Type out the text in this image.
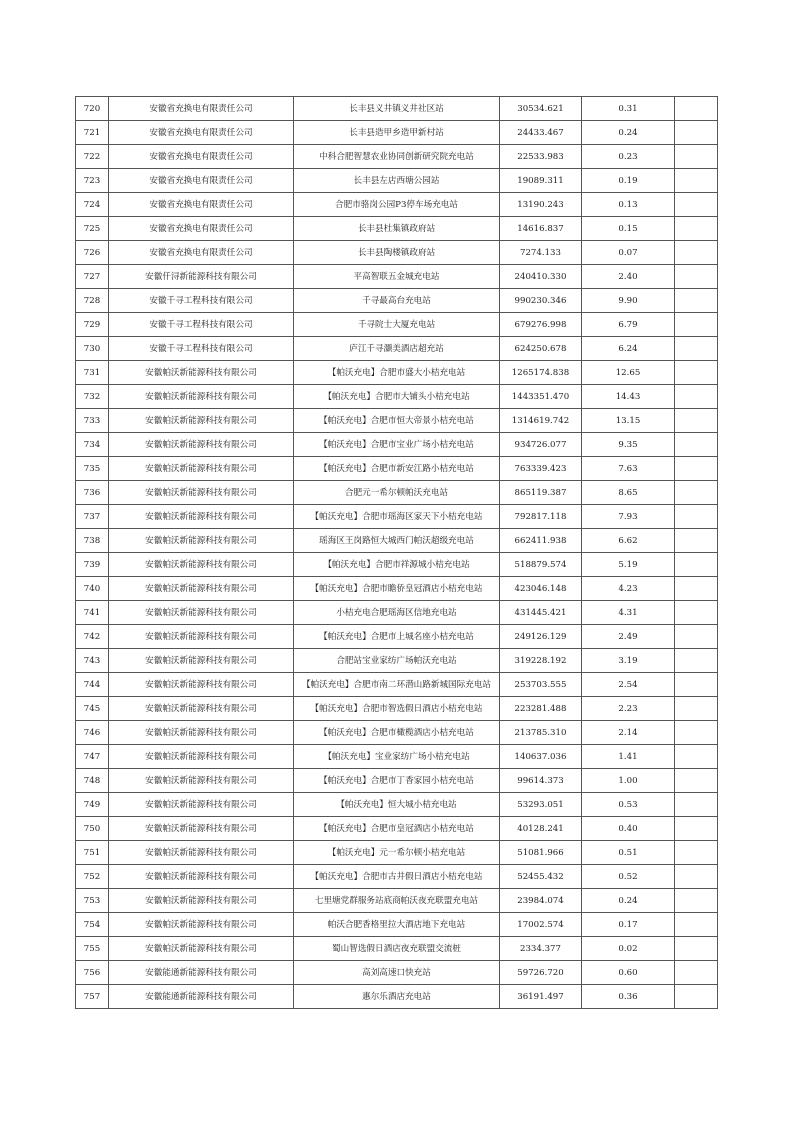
720	安徽省充换电有限责任公司	长丰县义井镇义井社区站	30534.621	0.31	
721	安徽省充换电有限责任公司	长丰县造甲乡造甲新村站	24433.467	0.24	
722	安徽省充换电有限责任公司	中科合肥智慧农业协同创新研究院充电站	22533.983	0.23	
723	安徽省充换电有限责任公司	长丰县左店西塘公园站	19089.311	0.19	
724	安徽省充换电有限责任公司	合肥市骆岗公园P3停车场充电站	13190.243	0.13	
725	安徽省充换电有限责任公司	长丰县杜集镇政府站	14616.837	0.15	
726	安徽省充换电有限责任公司	长丰县陶楼镇政府站	7274.133	0.07	
727	安徽仟浔新能源科技有限公司	平高智联五金城充电站	240410.330	2.40	
728	安徽千寻工程科技有限公司	千寻最高台充电站	990230.346	9.90	
729	安徽千寻工程科技有限公司	千寻院士大厦充电站	679276.998	6.79	
730	安徽千寻工程科技有限公司	庐江千寻灏美酒店超充站	624250.678	6.24	
731	安徽帕沃新能源科技有限公司	【帕沃充电】合肥市盛大小桔充电站	1265174.838	12.65	
732	安徽帕沃新能源科技有限公司	【帕沃充电】合肥市大铺头小桔充电站	1443351.470	14.43	
733	安徽帕沃新能源科技有限公司	【帕沃充电】合肥市恒大帝景小桔充电站	1314619.742	13.15	
734	安徽帕沃新能源科技有限公司	【帕沃充电】合肥市宝业广场小桔充电站	934726.077	9.35	
735	安徽帕沃新能源科技有限公司	【帕沃充电】合肥市新安江路小桔充电站	763339.423	7.63	
736	安徽帕沃新能源科技有限公司	合肥元一希尔顿帕沃充电站	865119.387	8.65	
737	安徽帕沃新能源科技有限公司	【帕沃充电】合肥市瑶海区家天下小桔充电站	792817.118	7.93	
738	安徽帕沃新能源科技有限公司	瑶海区王岗路恒大城西门帕沃超级充电站	662411.938	6.62	
739	安徽帕沃新能源科技有限公司	【帕沃充电】合肥市祥源城小桔充电站	518879.574	5.19	
740	安徽帕沃新能源科技有限公司	【帕沃充电】合肥市瞻侨皇冠酒店小桔充电站	423046.148	4.23	
741	安徽帕沃新能源科技有限公司	小桔充电合肥瑶海区信地充电站	431445.421	4.31	
742	安徽帕沃新能源科技有限公司	【帕沃充电】合肥市上城名座小桔充电站	249126.129	2.49	
743	安徽帕沃新能源科技有限公司	合肥站宝业家纺广场帕沃充电站	319228.192	3.19	
744	安徽帕沃新能源科技有限公司	【帕沃充电】合肥市南二环潜山路新城国际充电站	253703.555	2.54	
745	安徽帕沃新能源科技有限公司	【帕沃充电】合肥市智选假日酒店小桔充电站	223281.488	2.23	
746	安徽帕沃新能源科技有限公司	【帕沃充电】合肥市橄榄酒店小桔充电站	213785.310	2.14	
747	安徽帕沃新能源科技有限公司	【帕沃充电】宝业家纺广场小桔充电站	140637.036	1.41	
748	安徽帕沃新能源科技有限公司	【帕沃充电】合肥市丁香家园小桔充电站	99614.373	1.00	
749	安徽帕沃新能源科技有限公司	【帕沃充电】恒大城小桔充电站	53293.051	0.53	
750	安徽帕沃新能源科技有限公司	【帕沃充电】合肥市皇冠酒店小桔充电站	40128.241	0.40	
751	安徽帕沃新能源科技有限公司	【帕沃充电】元一希尔顿小桔充电站	51081.966	0.51	
752	安徽帕沃新能源科技有限公司	【帕沃充电】合肥市古井假日酒店小桔充电站	52455.432	0.52	
753	安徽帕沃新能源科技有限公司	七里塘党群服务站底商帕沃夜充联盟充电站	23984.074	0.24	
754	安徽帕沃新能源科技有限公司	帕沃合肥香格里拉大酒店地下充电站	17002.574	0.17	
755	安徽帕沃新能源科技有限公司	蜀山智选假日酒店夜充联盟交流桩	2334.377	0.02	
756	安徽能通新能源科技有限公司	高刘高速口快充站	59726.720	0.60	
757	安徽能通新能源科技有限公司	惠尔乐酒店充电站	36191.497	0.36	
